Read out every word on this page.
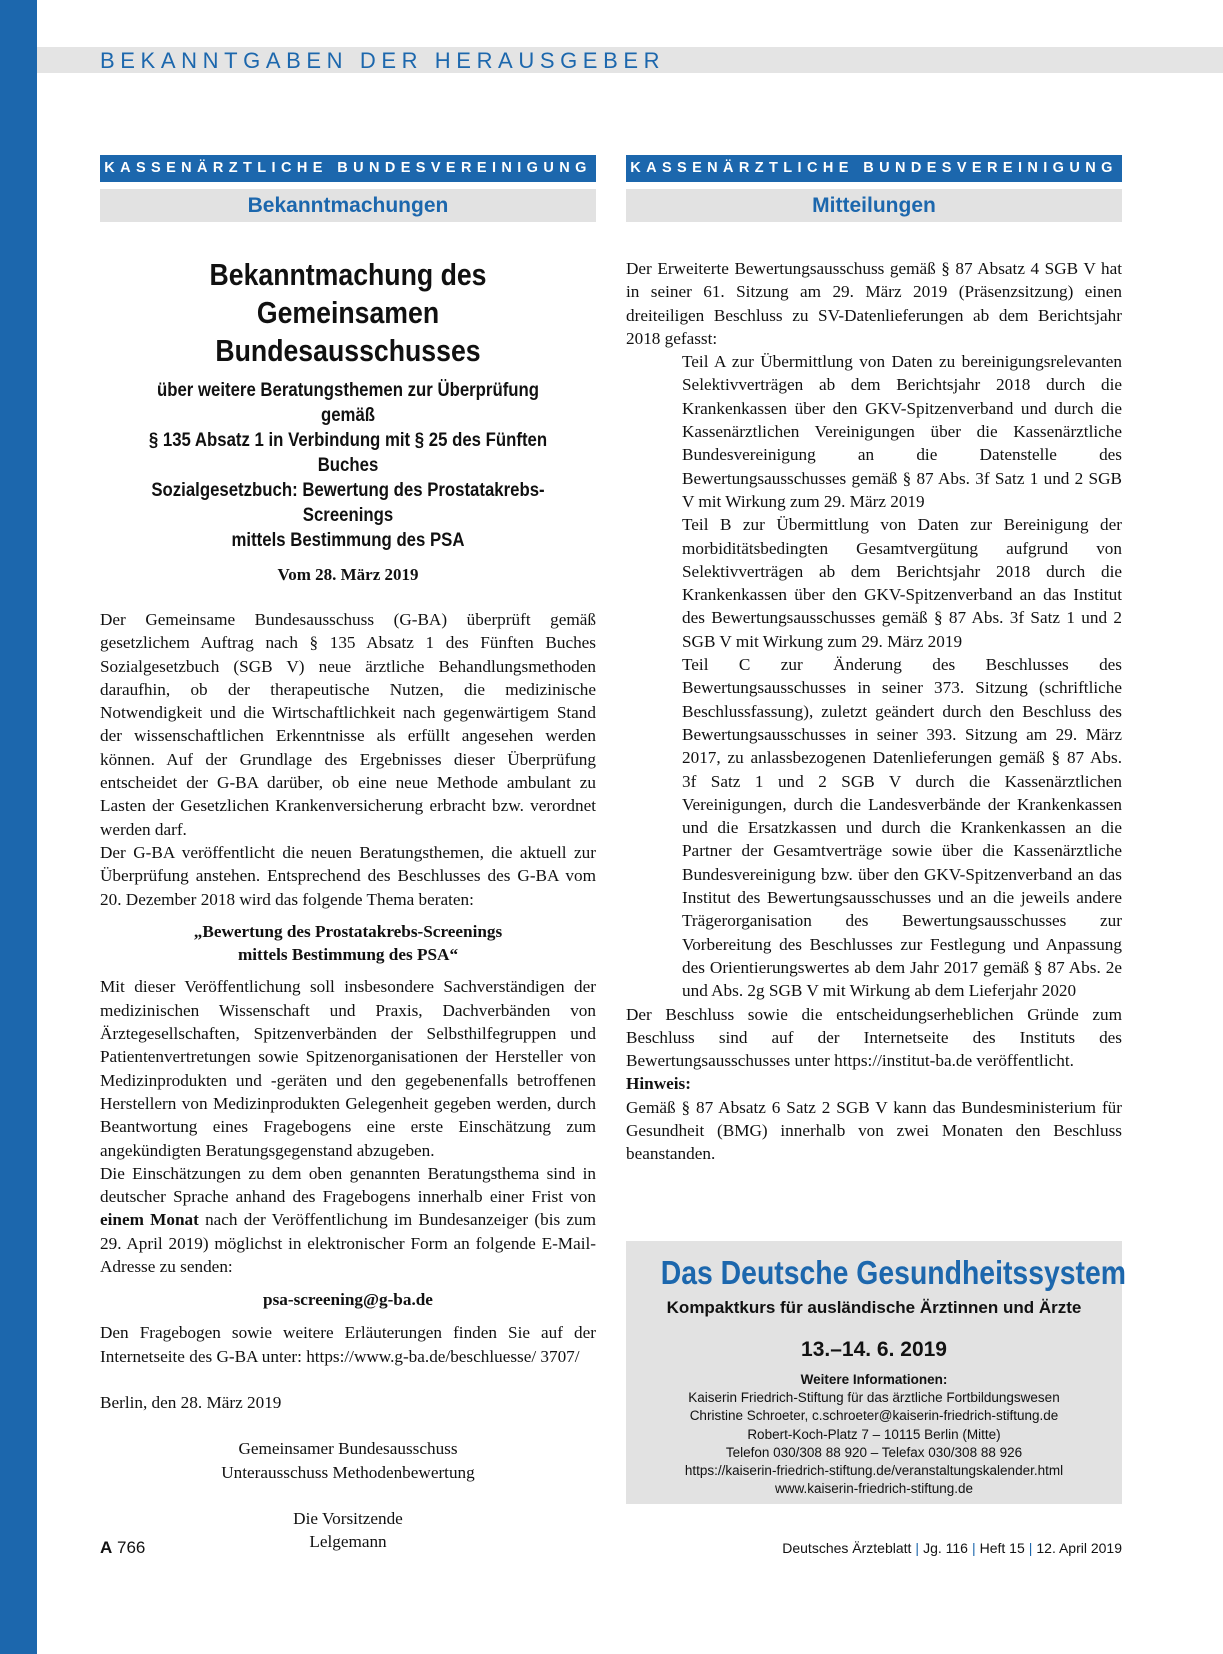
BEKANNTGABEN DER HERAUSGEBER
KASSENÄRZTLICHE BUNDESVEREINIGUNG
Bekanntmachungen
Bekanntmachung des Gemeinsamen
Bundesausschusses
über weitere Beratungsthemen zur Überprüfung gemäß
§ 135 Absatz 1 in Verbindung mit § 25 des Fünften Buches
Sozialgesetzbuch: Bewertung des Prostatakrebs-Screenings
mittels Bestimmung des PSA
Vom 28. März 2019

Der Gemeinsame Bundesausschuss (G-BA) überprüft gemäß gesetzlichem Auftrag nach § 135 Absatz 1 des Fünften Buches Sozialgesetzbuch (SGB V) neue ärztliche Behandlungsmethoden daraufhin, ob der therapeutische Nutzen, die medizinische Notwendigkeit und die Wirtschaftlichkeit nach gegenwärtigem Stand der wissenschaftlichen Erkenntnisse als erfüllt angesehen werden können. Auf der Grundlage des Ergebnisses dieser Überprüfung entscheidet der G-BA darüber, ob eine neue Methode ambulant zu Lasten der Gesetzlichen Krankenversicherung erbracht bzw. verordnet werden darf.

Der G-BA veröffentlicht die neuen Beratungsthemen, die aktuell zur Überprüfung anstehen. Entsprechend des Beschlusses des G-BA vom 20. Dezember 2018 wird das folgende Thema beraten:

„Bewertung des Prostatakrebs-Screenings
mittels Bestimmung des PSA“

Mit dieser Veröffentlichung soll insbesondere Sachverständigen der medizinischen Wissenschaft und Praxis, Dachverbänden von Ärztegesellschaften, Spitzenverbänden der Selbsthilfegruppen und Patientenvertretungen sowie Spitzenorganisationen der Hersteller von Medizinprodukten und -geräten und den gegebenenfalls betroffenen Herstellern von Medizinprodukten Gelegenheit gegeben werden, durch Beantwortung eines Fragebogens eine erste Einschätzung zum angekündigten Beratungsgegenstand abzugeben.

Die Einschätzungen zu dem oben genannten Beratungsthema sind in deutscher Sprache anhand des Fragebogens innerhalb einer Frist von einem Monat nach der Veröffentlichung im Bundesanzeiger (bis zum 29. April 2019) möglichst in elektronischer Form an folgende E-Mail-Adresse zu senden:

psa-screening@g-ba.de

Den Fragebogen sowie weitere Erläuterungen finden Sie auf der Internetseite des G-BA unter: https://www.g-ba.de/beschluesse/ 3707/

Berlin, den 28. März 2019

Gemeinsamer Bundesausschuss
Unterausschuss Methodenbewertung
Die Vorsitzende
Lelgemann
KASSENÄRZTLICHE BUNDESVEREINIGUNG
Mitteilungen

Der Erweiterte Bewertungsausschuss gemäß § 87 Absatz 4 SGB V hat in seiner 61. Sitzung am 29. März 2019 (Präsenzsitzung) einen dreiteiligen Beschluss zu SV-Datenlieferungen ab dem Berichtsjahr 2018 gefasst:

Teil A zur Übermittlung von Daten zu bereinigungsrelevanten Selektivverträgen ab dem Berichtsjahr 2018 durch die Krankenkassen über den GKV-Spitzenverband und durch die Kassenärztlichen Vereinigungen über die Kassenärztliche Bundesvereinigung an die Datenstelle des Bewertungsausschusses gemäß § 87 Abs. 3f Satz 1 und 2 SGB V mit Wirkung zum 29. März 2019

Teil B zur Übermittlung von Daten zur Bereinigung der morbiditätsbedingten Gesamtvergütung aufgrund von Selektivverträgen ab dem Berichtsjahr 2018 durch die Krankenkassen über den GKV-Spitzenverband an das Institut des Bewertungsausschusses gemäß § 87 Abs. 3f Satz 1 und 2 SGB V mit Wirkung zum 29. März 2019

Teil C zur Änderung des Beschlusses des Bewertungsausschusses in seiner 373. Sitzung (schriftliche Beschlussfassung), zuletzt geändert durch den Beschluss des Bewertungsausschusses in seiner 393. Sitzung am 29. März 2017, zu anlassbezogenen Datenlieferungen gemäß § 87 Abs. 3f Satz 1 und 2 SGB V durch die Kassenärztlichen Vereinigungen, durch die Landesverbände der Krankenkassen und die Ersatzkassen und durch die Krankenkassen an die Partner der Gesamtverträge sowie über die Kassenärztliche Bundesvereinigung bzw. über den GKV-Spitzenverband an das Institut des Bewertungsausschusses und an die jeweils andere Trägerorganisation des Bewertungsausschusses zur Vorbereitung des Beschlusses zur Festlegung und Anpassung des Orientierungswertes ab dem Jahr 2017 gemäß § 87 Abs. 2e und Abs. 2g SGB V mit Wirkung ab dem Lieferjahr 2020

Der Beschluss sowie die entscheidungserheblichen Gründe zum Beschluss sind auf der Internetseite des Instituts des Bewertungsausschusses unter https://institut-ba.de veröffentlicht.

Hinweis:

Gemäß § 87 Absatz 6 Satz 2 SGB V kann das Bundesministerium für Gesundheit (BMG) innerhalb von zwei Monaten den Beschluss beanstanden.

Das Deutsche Gesundheitssystem
Kompaktkurs für ausländische Ärztinnen und Ärzte
13.–14. 6. 2019
Weitere Informationen:
Kaiserin Friedrich-Stiftung für das ärztliche Fortbildungswesen
Christine Schroeter, c.schroeter@kaiserin-friedrich-stiftung.de
Robert-Koch-Platz 7 – 10115 Berlin (Mitte)
Telefon 030/308 88 920 – Telefax 030/308 88 926
https://kaiserin-friedrich-stiftung.de/veranstaltungskalender.html
www.kaiserin-friedrich-stiftung.de
A 766	Deutsches Ärzteblatt | Jg. 116 | Heft 15 | 12. April 2019
